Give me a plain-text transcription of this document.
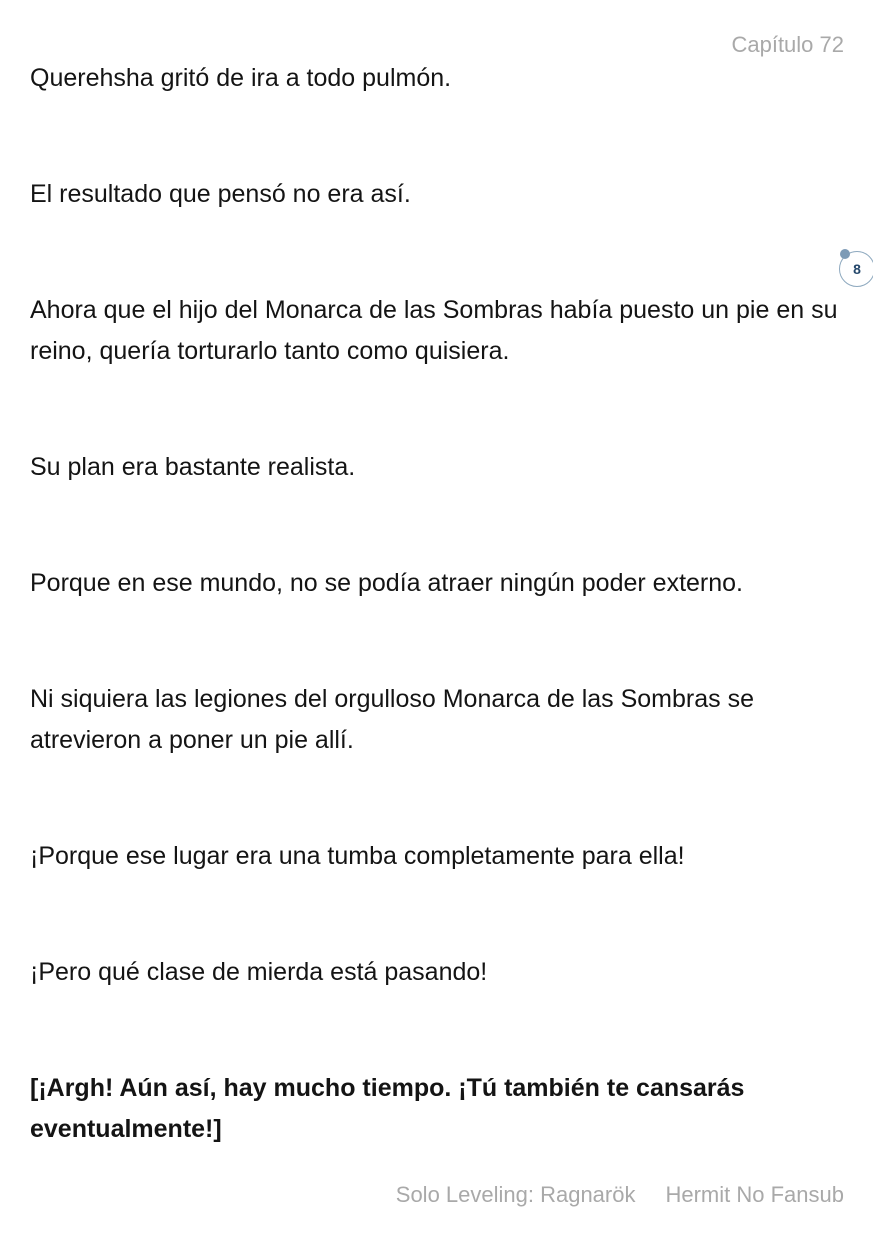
Capítulo 72
8

Querehsha gritó de ira a todo pulmón.

El resultado que pensó no era así.

Ahora que el hijo del Monarca de las Sombras había puesto un pie en su reino, quería torturarlo tanto como quisiera.

Su plan era bastante realista.

Porque en ese mundo, no se podía atraer ningún poder externo.

Ni siquiera las legiones del orgulloso Monarca de las Sombras se atrevieron a poner un pie allí.

¡Porque ese lugar era una tumba completamente para ella!

¡Pero qué clase de mierda está pasando!

[¡Argh! Aún así, hay mucho tiempo. ¡Tú también te cansarás eventualmente!]

Solo Leveling: Ragnarök Hermit No Fansub
